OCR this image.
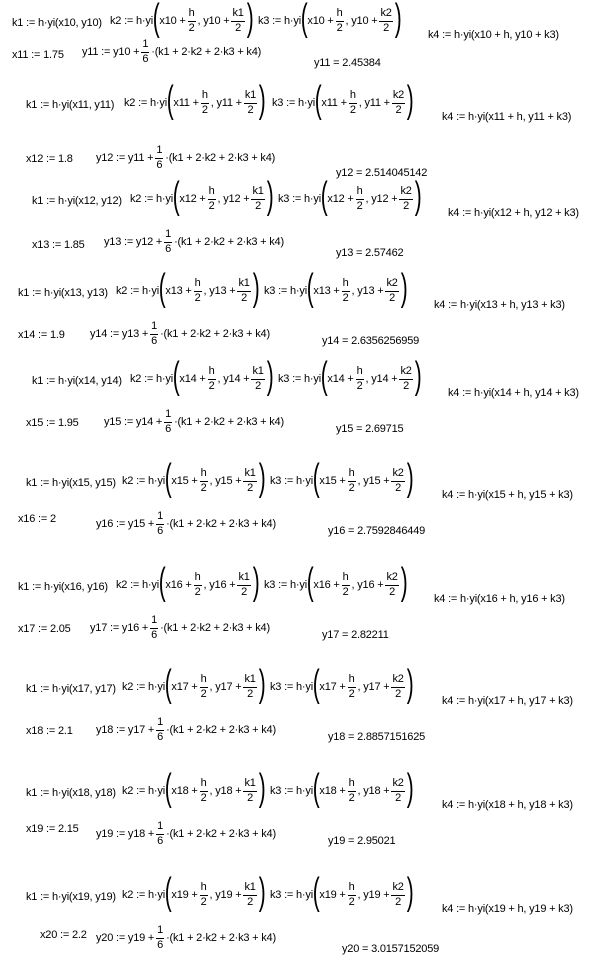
k1 := h·yi(x10, y10) k2 := h·yi ( $x10 + \frac{h}{2}$ , $y10 + \frac{k1}{2}$ ) k3 := h·yi ( $x10 + \frac{h}{2}$ , $y10 + \frac{k2}{2}$ ) k4 := h·yi(x10 + h, y10 + k3)
x11 := 1.75 y11 := $y10 + \frac{1}{6} \cdot(k1 + 2\cdot k2 + 2\cdot k3 + k4)$
y11 = 2.45384
k1 := h·yi(x11, y11) k2 := h·yi ( $x11 + \frac{h}{2}$ , $y11 + \frac{k1}{2}$ ) k3 := h·yi ( $x11 + \frac{h}{2}$ , $y11 + \frac{k2}{2}$ )	k4 := h·yi(x11 + h, y11 + k3)
x12 := 1.8 y12 := $y11 + \frac{1}{6} \cdot(k1 + 2\cdot k2 + 2\cdot k3 + k4)$
y12 = 2.514045142
k1 := h·yi(x12, y12) k2 := h·yi ( $x12 + \frac{h}{2}$ , $y12 + \frac{k1}{2}$ ) k3 := h·yi ( $x12 + \frac{h}{2}$ , $y12 + \frac{k2}{2}$ ) k4 := h·yi(x12 + h, y12 + k3)
x13 := 1.85 y13 := $y12 + \frac{1}{6} \cdot(k1 + 2\cdot k2 + 2\cdot k3 + k4)$
y13 = 2.57462
k1 := h·yi(x13, y13) k2 := h·yi ( $x13 + \frac{h}{2}$ , $y13 + \frac{k1}{2}$ ) k3 := h·yi ( $x13 + \frac{h}{2}$ , $y13 + \frac{k2}{2}$ ) k4 := h·yi(x13 + h, y13 + k3)
x14 := 1.9 y14 := $y13 + \frac{1}{6} \cdot(k1 + 2\cdot k2 + 2\cdot k3 + k4)$
y14 = 2.6356256959
k1 := h·yi(x14, y14) k2 := h·yi ( $x14 + \frac{h}{2}$ , $y14 + \frac{k1}{2}$ ) k3 := h·yi ( $x14 + \frac{h}{2}$ , $y14 + \frac{k2}{2}$ ) k4 := h·yi(x14 + h, y14 + k3)
x15 := 1.95 y15 := $y14 + \frac{1}{6} \cdot(k1 + 2\cdot k2 + 2\cdot k3 + k4)$
y15 = 2.69715
k1 := h·yi(x15, y15) k2 := h·yi ( $x15 + \frac{h}{2}$ , $y15 + \frac{k1}{2}$ ) k3 := h·yi ( $x15 + \frac{h}{2}$ , $y15 + \frac{k2}{2}$ )	k4 := h·yi(x15 + h, y15 + k3)
x16 := 2	y16 := $y15 + \frac{1}{6} \cdot(k1 + 2\cdot k2 + 2\cdot k3 + k4)$
y16 = 2.7592846449
k1 := h·yi(x16, y16) k2 := h·yi ( $x16 + \frac{h}{2}$ , $y16 + \frac{k1}{2}$ ) k3 := h·yi ( $x16 + \frac{h}{2}$ , $y16 + \frac{k2}{2}$ ) k4 := h·yi(x16 + h, y16 + k3)
x17 := 2.05 y17 := $y16 + \frac{1}{6} \cdot(k1 + 2\cdot k2 + 2\cdot k3 + k4)$
y17 = 2.82211
k1 := h·yi(x17, y17) k2 := h·yi ( $x17 + \frac{h}{2}$ , $y17 + \frac{k1}{2}$ ) k3 := h·yi ( $x17 + \frac{h}{2}$ , $y17 + \frac{k2}{2}$ )	k4 := h·yi(x17 + h, y17 + k3)
x18 := 2.1 y18 := $y17 + \frac{1}{6} \cdot(k1 + 2\cdot k2 + 2\cdot k3 + k4)$
y18 = 2.8857151625
k1 := h·yi(x18, y18) k2 := h·yi ( $x18 + \frac{h}{2}$ , $y18 + \frac{k1}{2}$ ) k3 := h·yi ( $x18 + \frac{h}{2}$ , $y18 + \frac{k2}{2}$ )	k4 := h·yi(x18 + h, y18 + k3)
x19 := 2.15 y19 := $y18 + \frac{1}{6} \cdot(k1 + 2\cdot k2 + 2\cdot k3 + k4)$
y19 = 2.95021
k1 := h·yi(x19, y19) k2 := h·yi ( $x19 + \frac{h}{2}$ , $y19 + \frac{k1}{2}$ ) k3 := h·yi ( $x19 + \frac{h}{2}$ , $y19 + \frac{k2}{2}$ )	k4 := h·yi(x19 + h, y19 + k3)
x20 := 2.2 y20 := $y19 + \frac{1}{6} \cdot(k1 + 2\cdot k2 + 2\cdot k3 + k4)$
y20 = 3.0157152059
